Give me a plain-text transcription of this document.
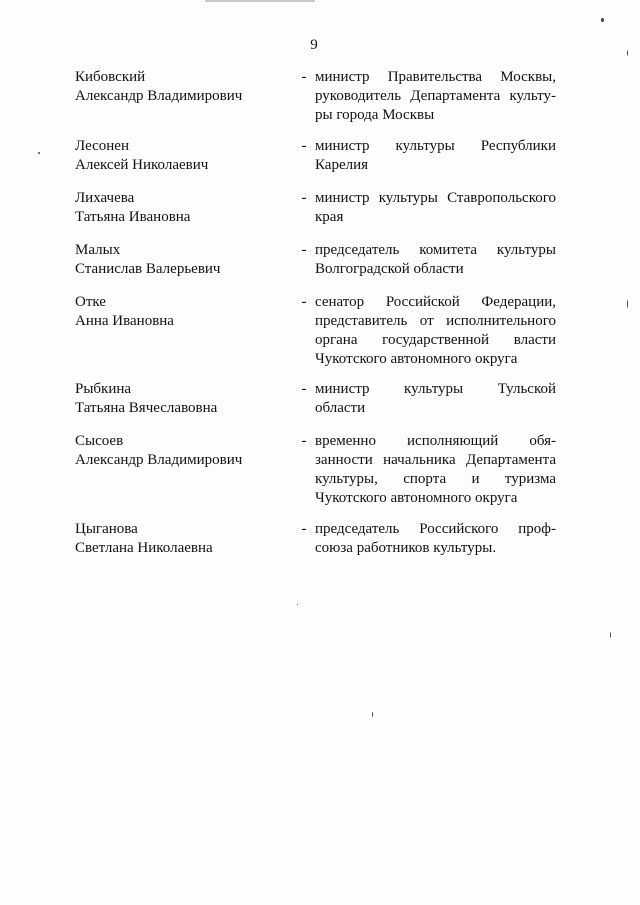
9
Кибовский
Александр Владимирович
- министр Правительства Москвы,
руководитель Департамента культу-
ры города Москвы
Лесонен
Алексей Николаевич
- министр культуры Республики
Карелия
Лихачева
Татьяна Ивановна
- министр культуры Ставропольского
края
Малых
Станислав Валерьевич
- председатель комитета культуры
Волгоградской области
Отке
Анна Ивановна
- сенатор Российской Федерации,
представитель от исполнительного
органа государственной власти
Чукотского автономного округа
Рыбкина
Татьяна Вячеславовна
- министр культуры Тульской
области
Сысоев
Александр Владимирович
- временно исполняющий обя-
занности начальника Департамента
культуры, спорта и туризма
Чукотского автономного округа
Цыганова
Светлана Николаевна
- председатель Российского проф-
союза работников культуры.
